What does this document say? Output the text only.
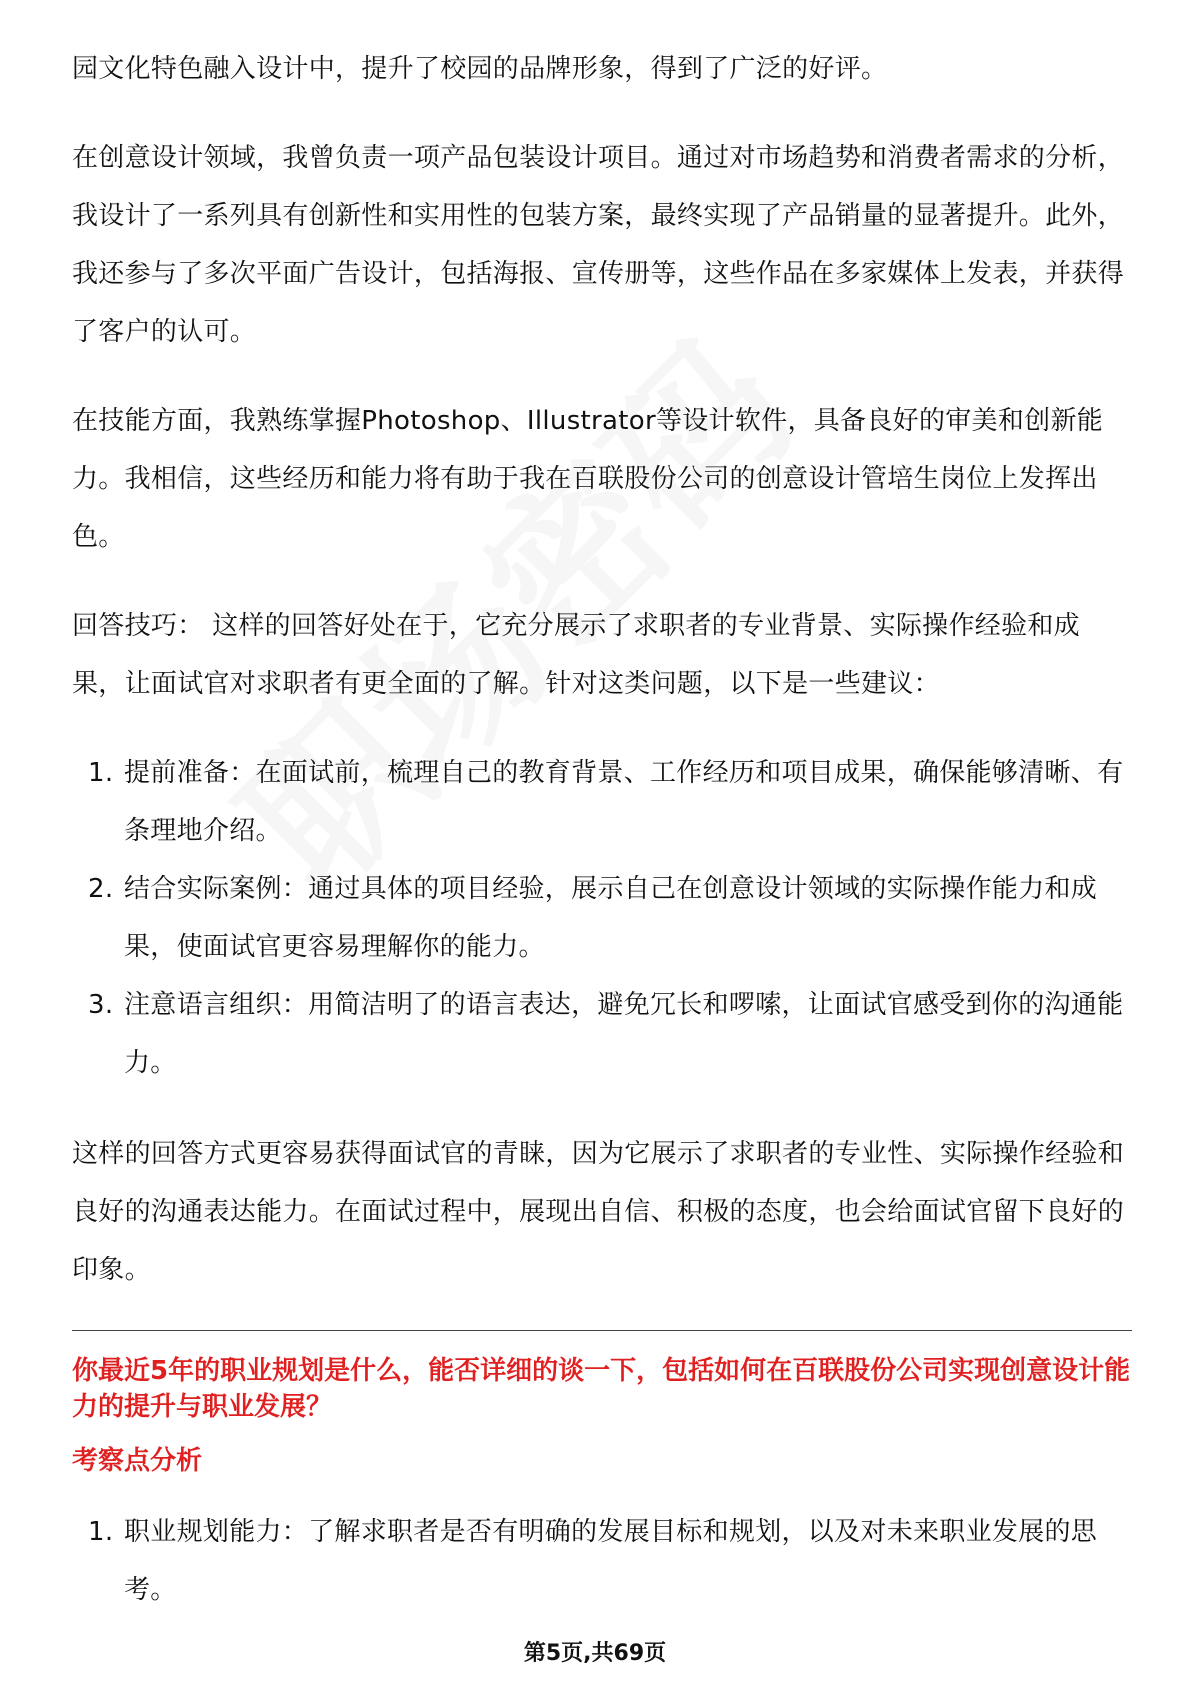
园文化特色融入设计中，提升了校园的品牌形象，得到了广泛的好评。

在创意设计领域，我曾负责一项产品包装设计项目。通过对市场趋势和消费者需求的分析，我设计了一系列具有创新性和实用性的包装方案，最终实现了产品销量的显著提升。此外，我还参与了多次平面广告设计，包括海报、宣传册等，这些作品在多家媒体上发表，并获得了客户的认可。

在技能方面，我熟练掌握Photoshop、Illustrator等设计软件，具备良好的审美和创新能力。我相信，这些经历和能力将有助于我在百联股份公司的创意设计管培生岗位上发挥出色。

回答技巧： 这样的回答好处在于，它充分展示了求职者的专业背景、实际操作经验和成果，让面试官对求职者有更全面的了解。针对这类问题，以下是一些建议：

1. 提前准备：在面试前，梳理自己的教育背景、工作经历和项目成果，确保能够清晰、有条理地介绍。
2. 结合实际案例：通过具体的项目经验，展示自己在创意设计领域的实际操作能力和成果，使面试官更容易理解你的能力。
3. 注意语言组织：用简洁明了的语言表达，避免冗长和啰嗦，让面试官感受到你的沟通能力。

这样的回答方式更容易获得面试官的青睐，因为它展示了求职者的专业性、实际操作经验和良好的沟通表达能力。在面试过程中，展现出自信、积极的态度，也会给面试官留下良好的印象。

你最近5年的职业规划是什么，能否详细的谈一下，包括如何在百联股份公司实现创意设计能力的提升与职业发展？
考察点分析
1. 职业规划能力：了解求职者是否有明确的发展目标和规划，以及对未来职业发展的思考。
第5页,共69页
